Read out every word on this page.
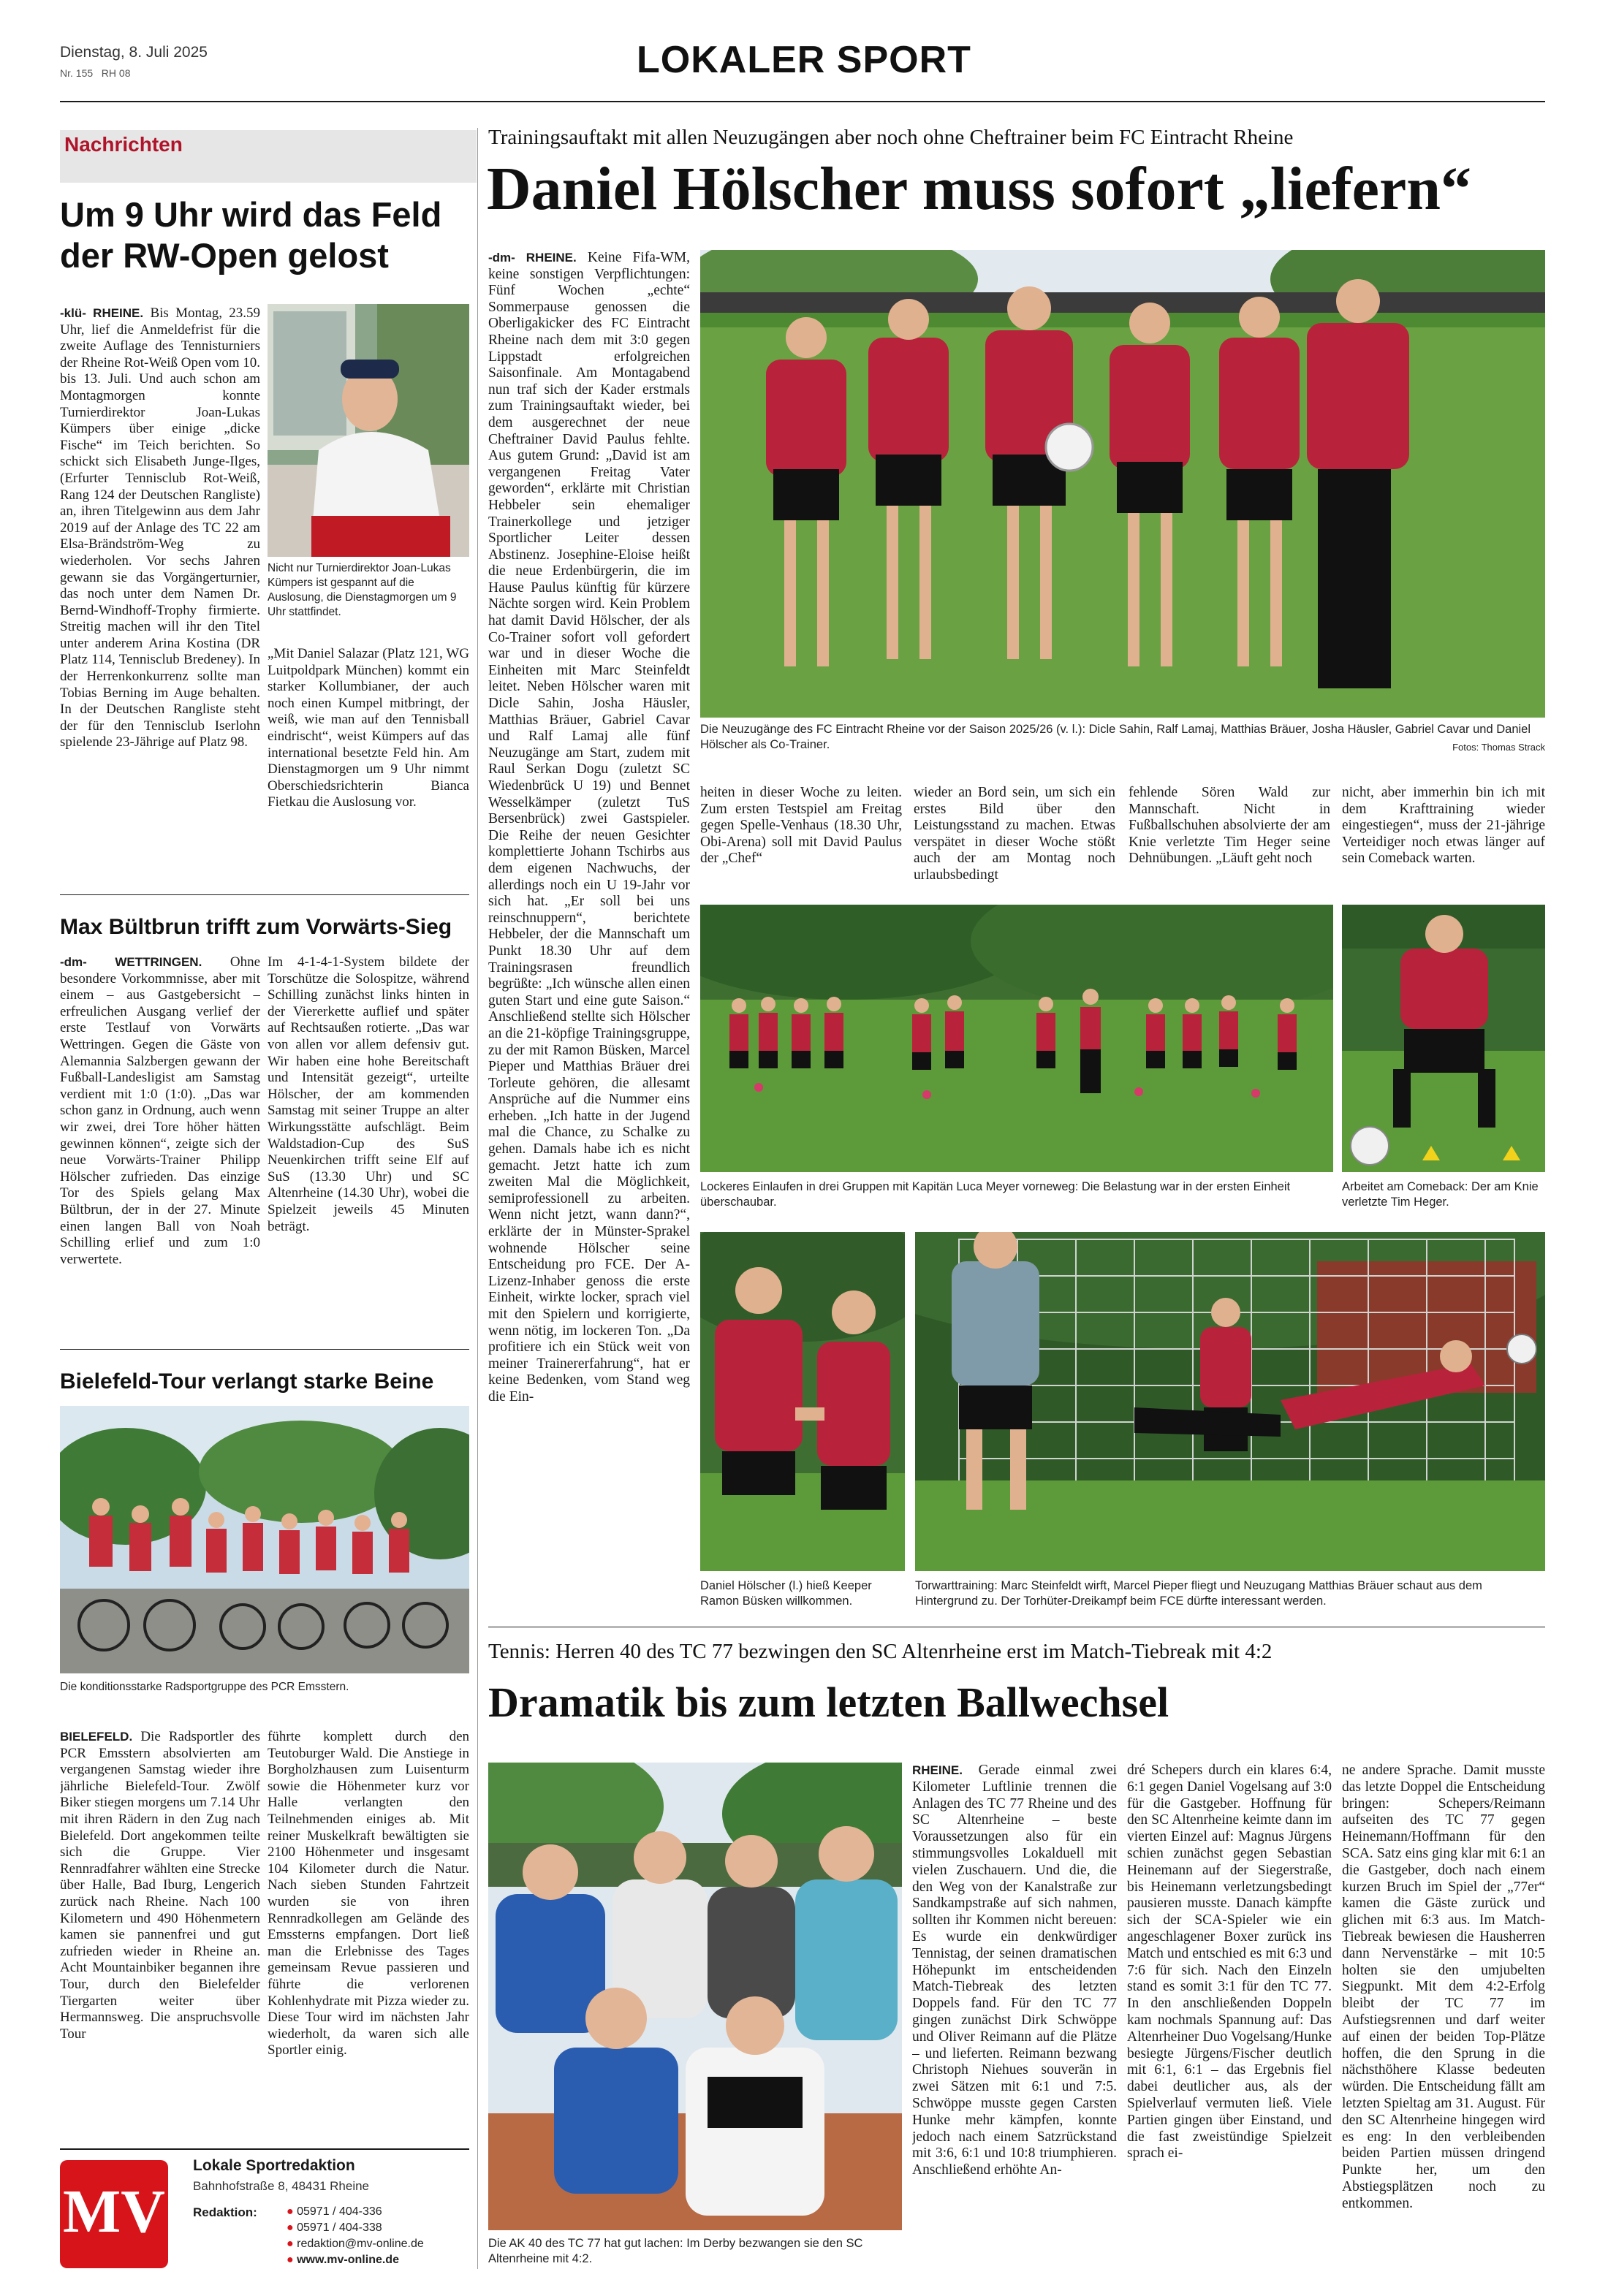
Dienstag, 8. Juli 2025
Nr. 155   RH 08	LOKALER SPORT
Nachrichten
Um 9 Uhr wird das Feld der RW-Open gelost
-klü- RHEINE. Bis Montag, 23.59 Uhr, lief die Anmeldefrist für die zweite Auflage des Tennisturniers der Rheine Rot-Weiß Open vom 10. bis 13. Juli. Und auch schon am Montagmorgen konnte Turnierdirektor Joan-Lukas Kümpers über einige „dicke Fische“ im Teich berichten. So schickt sich Elisabeth Junge-Ilges, (Erfurter Tennisclub Rot-Weiß, Rang 124 der Deutschen Rangliste) an, ihren Titelgewinn aus dem Jahr 2019 auf der Anlage des TC 22 am Elsa-Brändström-Weg zu wiederholen. Vor sechs Jahren gewann sie das Vorgängerturnier, das noch unter dem Namen Dr. Bernd-Windhoff-Trophy firmierte. Streitig machen will ihr den Titel unter anderem Arina Kostina (DR Platz 114, Tennisclub Bredeney). In der Herrenkonkurrenz sollte man Tobias Berning im Auge behalten. In der Deutschen Rangliste steht der für den Tennisclub Iserlohn spielende 23-Jährige auf Platz 98.
Nicht nur Turnierdirektor Joan-Lukas Kümpers ist gespannt auf die Auslosung, die Dienstagmorgen um 9 Uhr stattfindet.
„Mit Daniel Salazar (Platz 121, WG Luitpoldpark München) kommt ein starker Kollumbianer, der auch noch einen Kumpel mitbringt, der weiß, wie man auf den Tennisball eindrischt“, weist Kümpers auf das international besetzte Feld hin. Am Dienstagmorgen um 9 Uhr nimmt Oberschiedsrichterin Bianca Fietkau die Auslosung vor.
Max Bültbrun trifft zum Vorwärts-Sieg
-dm- WETTRINGEN. Ohne besondere Vorkommnisse, aber mit einem – aus Gastgebersicht – erfreulichen Ausgang verlief der erste Testlauf von Vorwärts Wettringen. Gegen die Gäste von Alemannia Salzbergen gewann der Fußball-Landesligist am Samstag verdient mit 1:0 (1:0). „Das war schon ganz in Ordnung, auch wenn wir zwei, drei Tore höher hätten gewinnen können“, zeigte sich der neue Vorwärts-Trainer Philipp Hölscher zufrieden. Das einzige Tor des Spiels gelang Max Bültbrun, der in der 27. Minute einen langen Ball von Noah Schilling erlief und zum 1:0 verwertete.
Im 4-1-4-1-System bildete der Torschütze die Solospitze, während Schilling zunächst links hinten in der Viererkette auflief und später auf Rechtsaußen rotierte. „Das war von allen vor allem defensiv gut. Wir haben eine hohe Bereitschaft und Intensität gezeigt“, urteilte Hölscher, der am kommenden Samstag mit seiner Truppe an alter Wirkungsstätte aufschlägt. Beim Waldstadion-Cup des SuS Neuenkirchen trifft seine Elf auf SuS (13.30 Uhr) und SC Altenrheine (14.30 Uhr), wobei die Spielzeit jeweils 45 Minuten beträgt.
Bielefeld-Tour verlangt starke Beine
Die konditionsstarke Radsportgruppe des PCR Emsstern.
BIELEFELD. Die Radsportler des PCR Emsstern absolvierten am vergangenen Samstag wieder ihre jährliche Bielefeld-Tour. Zwölf Biker stiegen morgens um 7.14 Uhr mit ihren Rädern in den Zug nach Bielefeld. Dort angekommen teilte sich die Gruppe. Vier Rennradfahrer wählten eine Strecke über Halle, Bad Iburg, Lengerich zurück nach Rheine. Nach 100 Kilometern und 490 Höhenmetern kamen sie pannenfrei und gut zufrieden wieder in Rheine an. Acht Mountainbiker begannen ihre Tour, durch den Bielefelder Tiergarten weiter über Hermannsweg. Die anspruchsvolle Tour
führte komplett durch den Teutoburger Wald. Die Anstiege in Borgholzhausen zum Luisenturm sowie die Höhenmeter kurz vor Halle verlangten den Teilnehmenden einiges ab. Mit reiner Muskelkraft bewältigten sie 2100 Höhenmeter und insgesamt 104 Kilometer durch die Natur. Nach sieben Stunden Fahrtzeit wurden sie von ihren Rennradkollegen am Gelände des Emssterns empfangen. Dort ließ man die Erlebnisse des Tages gemeinsam Revue passieren und führte die verlorenen Kohlenhydrate mit Pizza wieder zu. Diese Tour wird im nächsten Jahr wiederholt, da waren sich alle Sportler einig.
MV
Lokale Sportredaktion
Bahnhofstraße 8, 48431 Rheine
Redaktion:	● 05971 / 404-336
● 05971 / 404-338
● redaktion@mv-online.de
● www.mv-online.de
Trainingsauftakt mit allen Neuzugängen aber noch ohne Cheftrainer beim FC Eintracht Rheine
Daniel Hölscher muss sofort „liefern“
-dm- RHEINE. Keine Fifa-WM, keine sonstigen Verpflichtungen: Fünf Wochen „echte“ Sommerpause genossen die Oberligakicker des FC Eintracht Rheine nach dem mit 3:0 gegen Lippstadt erfolgreichen Saisonfinale. Am Montagabend nun traf sich der Kader erstmals zum Trainingsauftakt wieder, bei dem ausgerechnet der neue Cheftrainer David Paulus fehlte. Aus gutem Grund: „David ist am vergangenen Freitag Vater geworden“, erklärte mit Christian Hebbeler sein ehemaliger Trainerkollege und jetziger Sportlicher Leiter dessen Abstinenz. Josephine-Eloise heißt die neue Erdenbürgerin, die im Hause Paulus künftig für kürzere Nächte sorgen wird. Kein Problem hat damit David Hölscher, der als Co-Trainer sofort voll gefordert war und in dieser Woche die Einheiten mit Marc Steinfeldt leitet. Neben Hölscher waren mit Dicle Sahin, Josha Häusler, Matthias Bräuer, Gabriel Cavar und Ralf Lamaj alle fünf Neuzugänge am Start, zudem mit Raul Serkan Dogu (zuletzt SC Wiedenbrück U 19) und Bennet Wesselkämper (zuletzt TuS Bersenbrück) zwei Gastspieler. Die Reihe der neuen Gesichter komplettierte Johann Tschirbs aus dem eigenen Nachwuchs, der allerdings noch ein U 19-Jahr vor sich hat. „Er soll bei uns reinschnuppern“, berichtete Hebbeler, der die Mannschaft um Punkt 18.30 Uhr auf dem Trainingsrasen freundlich begrüßte: „Ich wünsche allen einen guten Start und eine gute Saison.“ Anschließend stellte sich Hölscher an die 21-köpfige Trainingsgruppe, zu der mit Ramon Büsken, Marcel Pieper und Matthias Bräuer drei Torleute gehören, die allesamt Ansprüche auf die Nummer eins erheben. „Ich hatte in der Jugend mal die Chance, zu Schalke zu gehen. Damals habe ich es nicht gemacht. Jetzt hatte ich zum zweiten Mal die Möglichkeit, semiprofessionell zu arbeiten. Wenn nicht jetzt, wann dann?“, erklärte der in Münster-Sprakel wohnende Hölscher seine Entscheidung pro FCE. Der A-Lizenz-Inhaber genoss die erste Einheit, wirkte locker, sprach viel mit den Spielern und korrigierte, wenn nötig, im lockeren Ton. „Da profitiere ich ein Stück weit von meiner Trainererfahrung“, hat er keine Bedenken, vom Stand weg die Ein-
Die Neuzugänge des FC Eintracht Rheine vor der Saison 2025/26 (v. l.): Dicle Sahin, Ralf Lamaj, Matthias Bräuer, Josha Häusler, Gabriel Cavar und Daniel Hölscher als Co-Trainer.	Fotos: Thomas Strack
heiten in dieser Woche zu leiten. Zum ersten Testspiel am Freitag gegen Spelle-Venhaus (18.30 Uhr, Obi-Arena) soll mit David Paulus der „Chef“
wieder an Bord sein, um sich ein erstes Bild über den Leistungsstand zu machen. Etwas verspätet in dieser Woche stößt auch der am Montag noch urlaubsbedingt
fehlende Sören Wald zur Mannschaft. Nicht in Fußballschuhen absolvierte der am Knie verletzte Tim Heger seine Dehnübungen. „Läuft geht noch
nicht, aber immerhin bin ich mit dem Krafttraining wieder eingestiegen“, muss der 21-jährige Verteidiger noch etwas länger auf sein Comeback warten.
Lockeres Einlaufen in drei Gruppen mit Kapitän Luca Meyer vorneweg: Die Belastung war in der ersten Einheit überschaubar.
Arbeitet am Comeback: Der am Knie verletzte Tim Heger.
Daniel Hölscher (l.) hieß Keeper Ramon Büsken willkommen.
Torwarttraining: Marc Steinfeldt wirft, Marcel Pieper fliegt und Neuzugang Matthias Bräuer schaut aus dem Hintergrund zu. Der Torhüter-Dreikampf beim FCE dürfte interessant werden.
Tennis: Herren 40 des TC 77 bezwingen den SC Altenrheine erst im Match-Tiebreak mit 4:2
Dramatik bis zum letzten Ballwechsel
Die AK 40 des TC 77 hat gut lachen: Im Derby bezwangen sie den SC Altenrheine mit 4:2.
RHEINE. Gerade einmal zwei Kilometer Luftlinie trennen die Anlagen des TC 77 Rheine und des SC Altenrheine – beste Voraussetzungen also für ein stimmungsvolles Lokalduell mit vielen Zuschauern. Und die, die den Weg von der Kanalstraße zur Sandkampstraße auf sich nahmen, sollten ihr Kommen nicht bereuen: Es wurde ein denkwürdiger Tennistag, der seinen dramatischen Höhepunkt im entscheidenden Match-Tiebreak des letzten Doppels fand. Für den TC 77 gingen zunächst Dirk Schwöppe und Oliver Reimann auf die Plätze – und lieferten. Reimann bezwang Christoph Niehues souverän in zwei Sätzen mit 6:1 und 7:5. Schwöppe musste gegen Carsten Hunke mehr kämpfen, konnte jedoch nach einem Satzrückstand mit 3:6, 6:1 und 10:8 triumphieren. Anschließend erhöhte An-
dré Schepers durch ein klares 6:4, 6:1 gegen Daniel Vogelsang auf 3:0 für die Gastgeber. Hoffnung für den SC Altenrheine keimte dann im vierten Einzel auf: Magnus Jürgens schien zunächst gegen Sebastian Heinemann auf der Siegerstraße, bis Heinemann verletzungsbedingt pausieren musste. Danach kämpfte sich der SCA-Spieler wie ein angeschlagener Boxer zurück ins Match und entschied es mit 6:3 und 7:6 für sich. Nach den Einzeln stand es somit 3:1 für den TC 77. In den anschließenden Doppeln kam nochmals Spannung auf: Das Altenrheiner Duo Vogelsang/Hunke besiegte Jürgens/Fischer deutlich mit 6:1, 6:1 – das Ergebnis fiel dabei deutlicher aus, als der Spielverlauf vermuten ließ. Viele Partien gingen über Einstand, und die fast zweistündige Spielzeit sprach ei-
ne andere Sprache. Damit musste das letzte Doppel die Entscheidung bringen: Schepers/Reimann aufseiten des TC 77 gegen Heinemann/Hoffmann für den SCA. Satz eins ging klar mit 6:1 an die Gastgeber, doch nach einem kurzen Bruch im Spiel der „77er“ kamen die Gäste zurück und glichen mit 6:3 aus. Im Match-Tiebreak bewiesen die Hausherren dann Nervenstärke – mit 10:5 holten sie den umjubelten Siegpunkt. Mit dem 4:2-Erfolg bleibt der TC 77 im Aufstiegsrennen und darf weiter auf einen der beiden Top-Plätze hoffen, die den Sprung in die nächsthöhere Klasse bedeuten würden. Die Entscheidung fällt am letzten Spieltag am 31. August. Für den SC Altenrheine hingegen wird es eng: In den verbleibenden beiden Partien müssen dringend Punkte her, um den Abstiegsplätzen noch zu entkommen.
